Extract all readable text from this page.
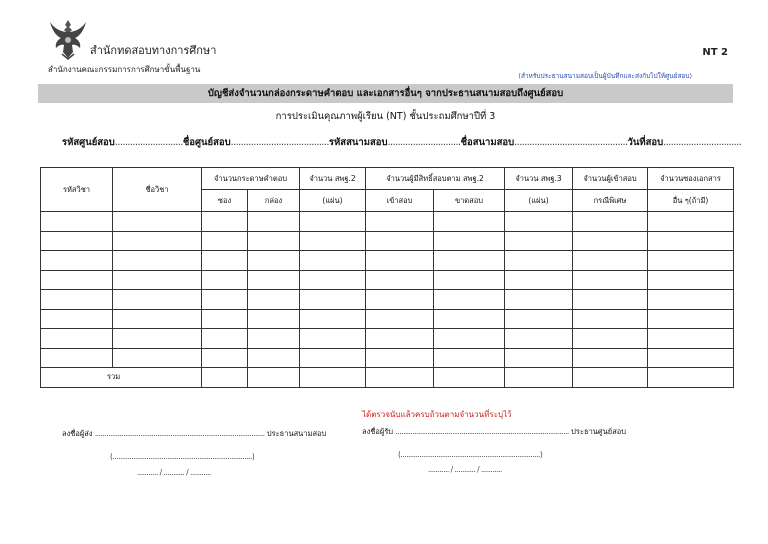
สำนักทดสอบทางการศึกษา
สำนักงานคณะกรรมการการศึกษาขั้นพื้นฐาน
NT 2
(สำหรับประธานสนามสอบเป็นผู้บันทึกและส่งกับไปให้ศูนย์สอบ)
บัญชีส่งจำนวนกล่องกระดาษคำตอบ และเอกสารอื่นๆ จากประธานสนามสอบถึงศูนย์สอบ
การประเมินคุณภาพผู้เรียน (NT) ชั้นประถมศึกษาปีที่ 3
รหัสศูนย์สอบ...........................ชื่อศูนย์สอบ.......................................รหัสสนามสอบ.............................ชื่อสนามสอบ.............................................วันที่สอบ...............................
รหัสวิชา	ชื่อวิชา	จำนวนกระดาษคำตอบ		จำนวน สพฐ.2	จำนวนผู้มีสิทธิ์สอบตาม สพฐ.2		จำนวน สพฐ.3	จำนวนผู้เข้าสอบ	จำนวนซองเอกสาร
		ซอง	กล่อง	(แผ่น)	เข้าสอบ	ขาดสอบ	(แผ่น)	กรณีพิเศษ	อื่น ๆ(ถ้ามี)

รวม									
ได้ตรวจนับแล้วครบถ้วนตามจำนวนที่ระบุไว้
ลงชื่อผู้ส่ง .......................................................................................... ประธานสนามสอบ	ลงชื่อผู้รับ ............................................................................................ ประธานศูนย์สอบ
(..........................................................................)
........... / ........... / ...........
(..........................................................................)
........... / ........... / ...........
